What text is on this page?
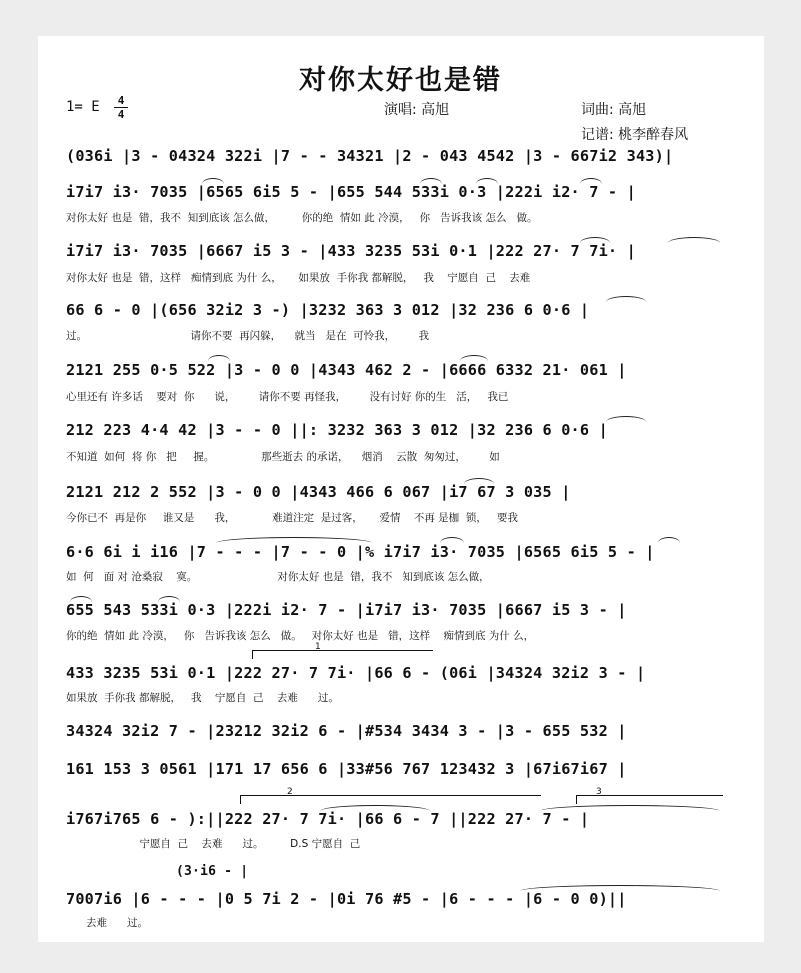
对你太好也是错
1= E	4
4	演唱: 高旭	词曲: 高旭
记谱: 桃李醉春风
(036i |3 - 04324 322i |7 - - 34321 |2 - 043 4542 |3 - 667i2 343)|
i7i7 i3· 7035 |6565 6i5 5 - |655 544 533i 0·3 |222i i2· 7 - |
对你太好 也是  错，我不  知到底该 怎么做，        你的绝  情如 此 冷漠，   你   告诉我该 怎么   做。
i7i7 i3· 7035 |6667 i5 3 - |433 3235 53i 0·1 |222 27· 7 7i· |
对你太好 也是  错，这样   痴情到底 为什 么，     如果放  手你我 都解脱，   我    宁愿自  己    去难
66 6 - 0 |(656 32i2 3 -) |3232 363 3 012 |32 236 6 0·6 |
过。                               请你不要  再闪躲，    就当   是在  可怜我，       我
2121 255 0·5 522 |3 - 0 0 |4343 462 2 - |6666 6332 21· 061 |
心里还有 许多话    要对  你      说，       请你不要 再怪我，       没有讨好 你的生   活，   我已
212 223 4·4 42 |3 - - 0 ||: 3232 363 3 012 |32 236 6 0·6 |
不知道  如何  将 你   把     握。              那些逝去 的承诺，    烟消    云散  匆匆过，       如
2121 212 2 552 |3 - 0 0 |4343 466 6 067 |i7 67 3 035 |
今你已不  再是你     谁又是      我，           难道注定  是过客，     爱情    不再 是枷  锁，   要我
6·6 6i i i16 |7 - - - |7 - - 0 |% i7i7 i3· 7035 |6565 6i5 5 - |
如  何   面 对 沧桑寂    寞。                        对你太好 也是  错，我不   知到底该 怎么做，
655 543 533i 0·3 |222i i2· 7 - |i7i7 i3· 7035 |6667 i5 3 - |
你的绝  情如 此 冷漠，   你   告诉我该 怎么   做。   对你太好 也是   错，这样    痴情到底 为什 么，
1
433 3235 53i 0·1 |222 27· 7 7i· |66 6 - (06i |34324 32i2 3 - |
如果放  手你我 都解脱，   我    宁愿自  己    去难      过。
34324 32i2 7 - |23212 32i2 6 - |#534 3434 3 - |3 - 655 532 |
161 153 3 0561 |171 17 656 6 |33#56 767 123432 3 |67i67i67 |
2	3
i767i765 6 - ):||222 27· 7 7i· |66 6 - 7 ||222 27· 7 - |
宁愿自  己    去难      过。        D.S 宁愿自  己
(3·i6 - |
7007i6 |6 - - - |0 5 7i 2 - |0i 76 #5 - |6 - - - |6 - 0 0)||
去难      过。
